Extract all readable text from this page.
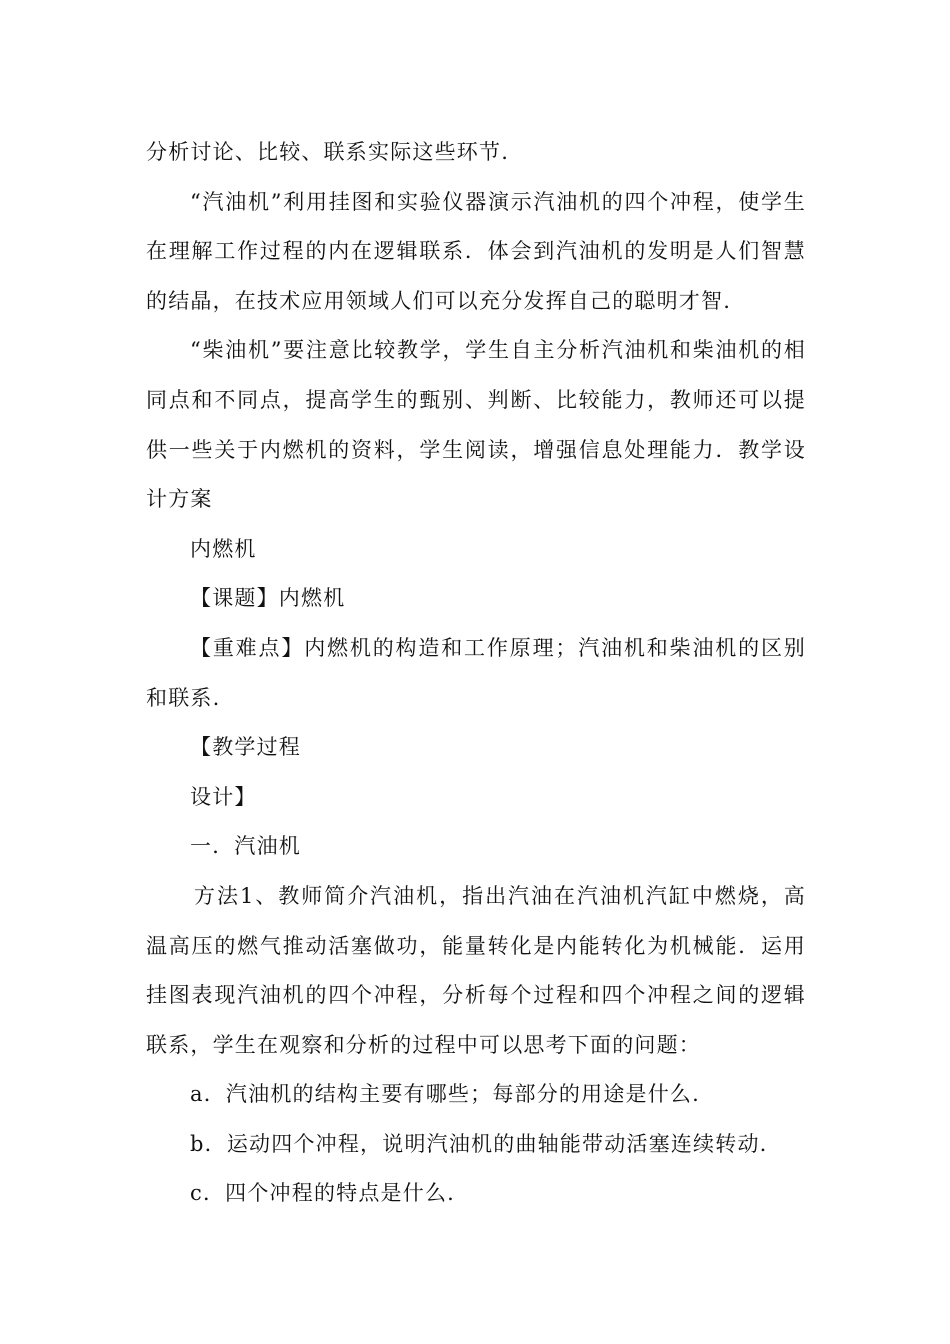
分析讨论、比较、联系实际这些环节.

“汽油机”利用挂图和实验仪器演示汽油机的四个冲程，使学生在理解工作过程的内在逻辑联系．体会到汽油机的发明是人们智慧的结晶，在技术应用领域人们可以充分发挥自己的聪明才智.

“柴油机”要注意比较教学，学生自主分析汽油机和柴油机的相同点和不同点，提高学生的甄别、判断、比较能力，教师还可以提供一些关于内燃机的资料，学生阅读，增强信息处理能力．教学设计方案

内燃机

【课题】内燃机

【重难点】内燃机的构造和工作原理；汽油机和柴油机的区别和联系.

【教学过程

设计】

一．汽油机

方法1、教师简介汽油机，指出汽油在汽油机汽缸中燃烧，高温高压的燃气推动活塞做功，能量转化是内能转化为机械能．运用挂图表现汽油机的四个冲程，分析每个过程和四个冲程之间的逻辑联系，学生在观察和分析的过程中可以思考下面的问题：

a．汽油机的结构主要有哪些；每部分的用途是什么.

b．运动四个冲程，说明汽油机的曲轴能带动活塞连续转动.

c．四个冲程的特点是什么.
